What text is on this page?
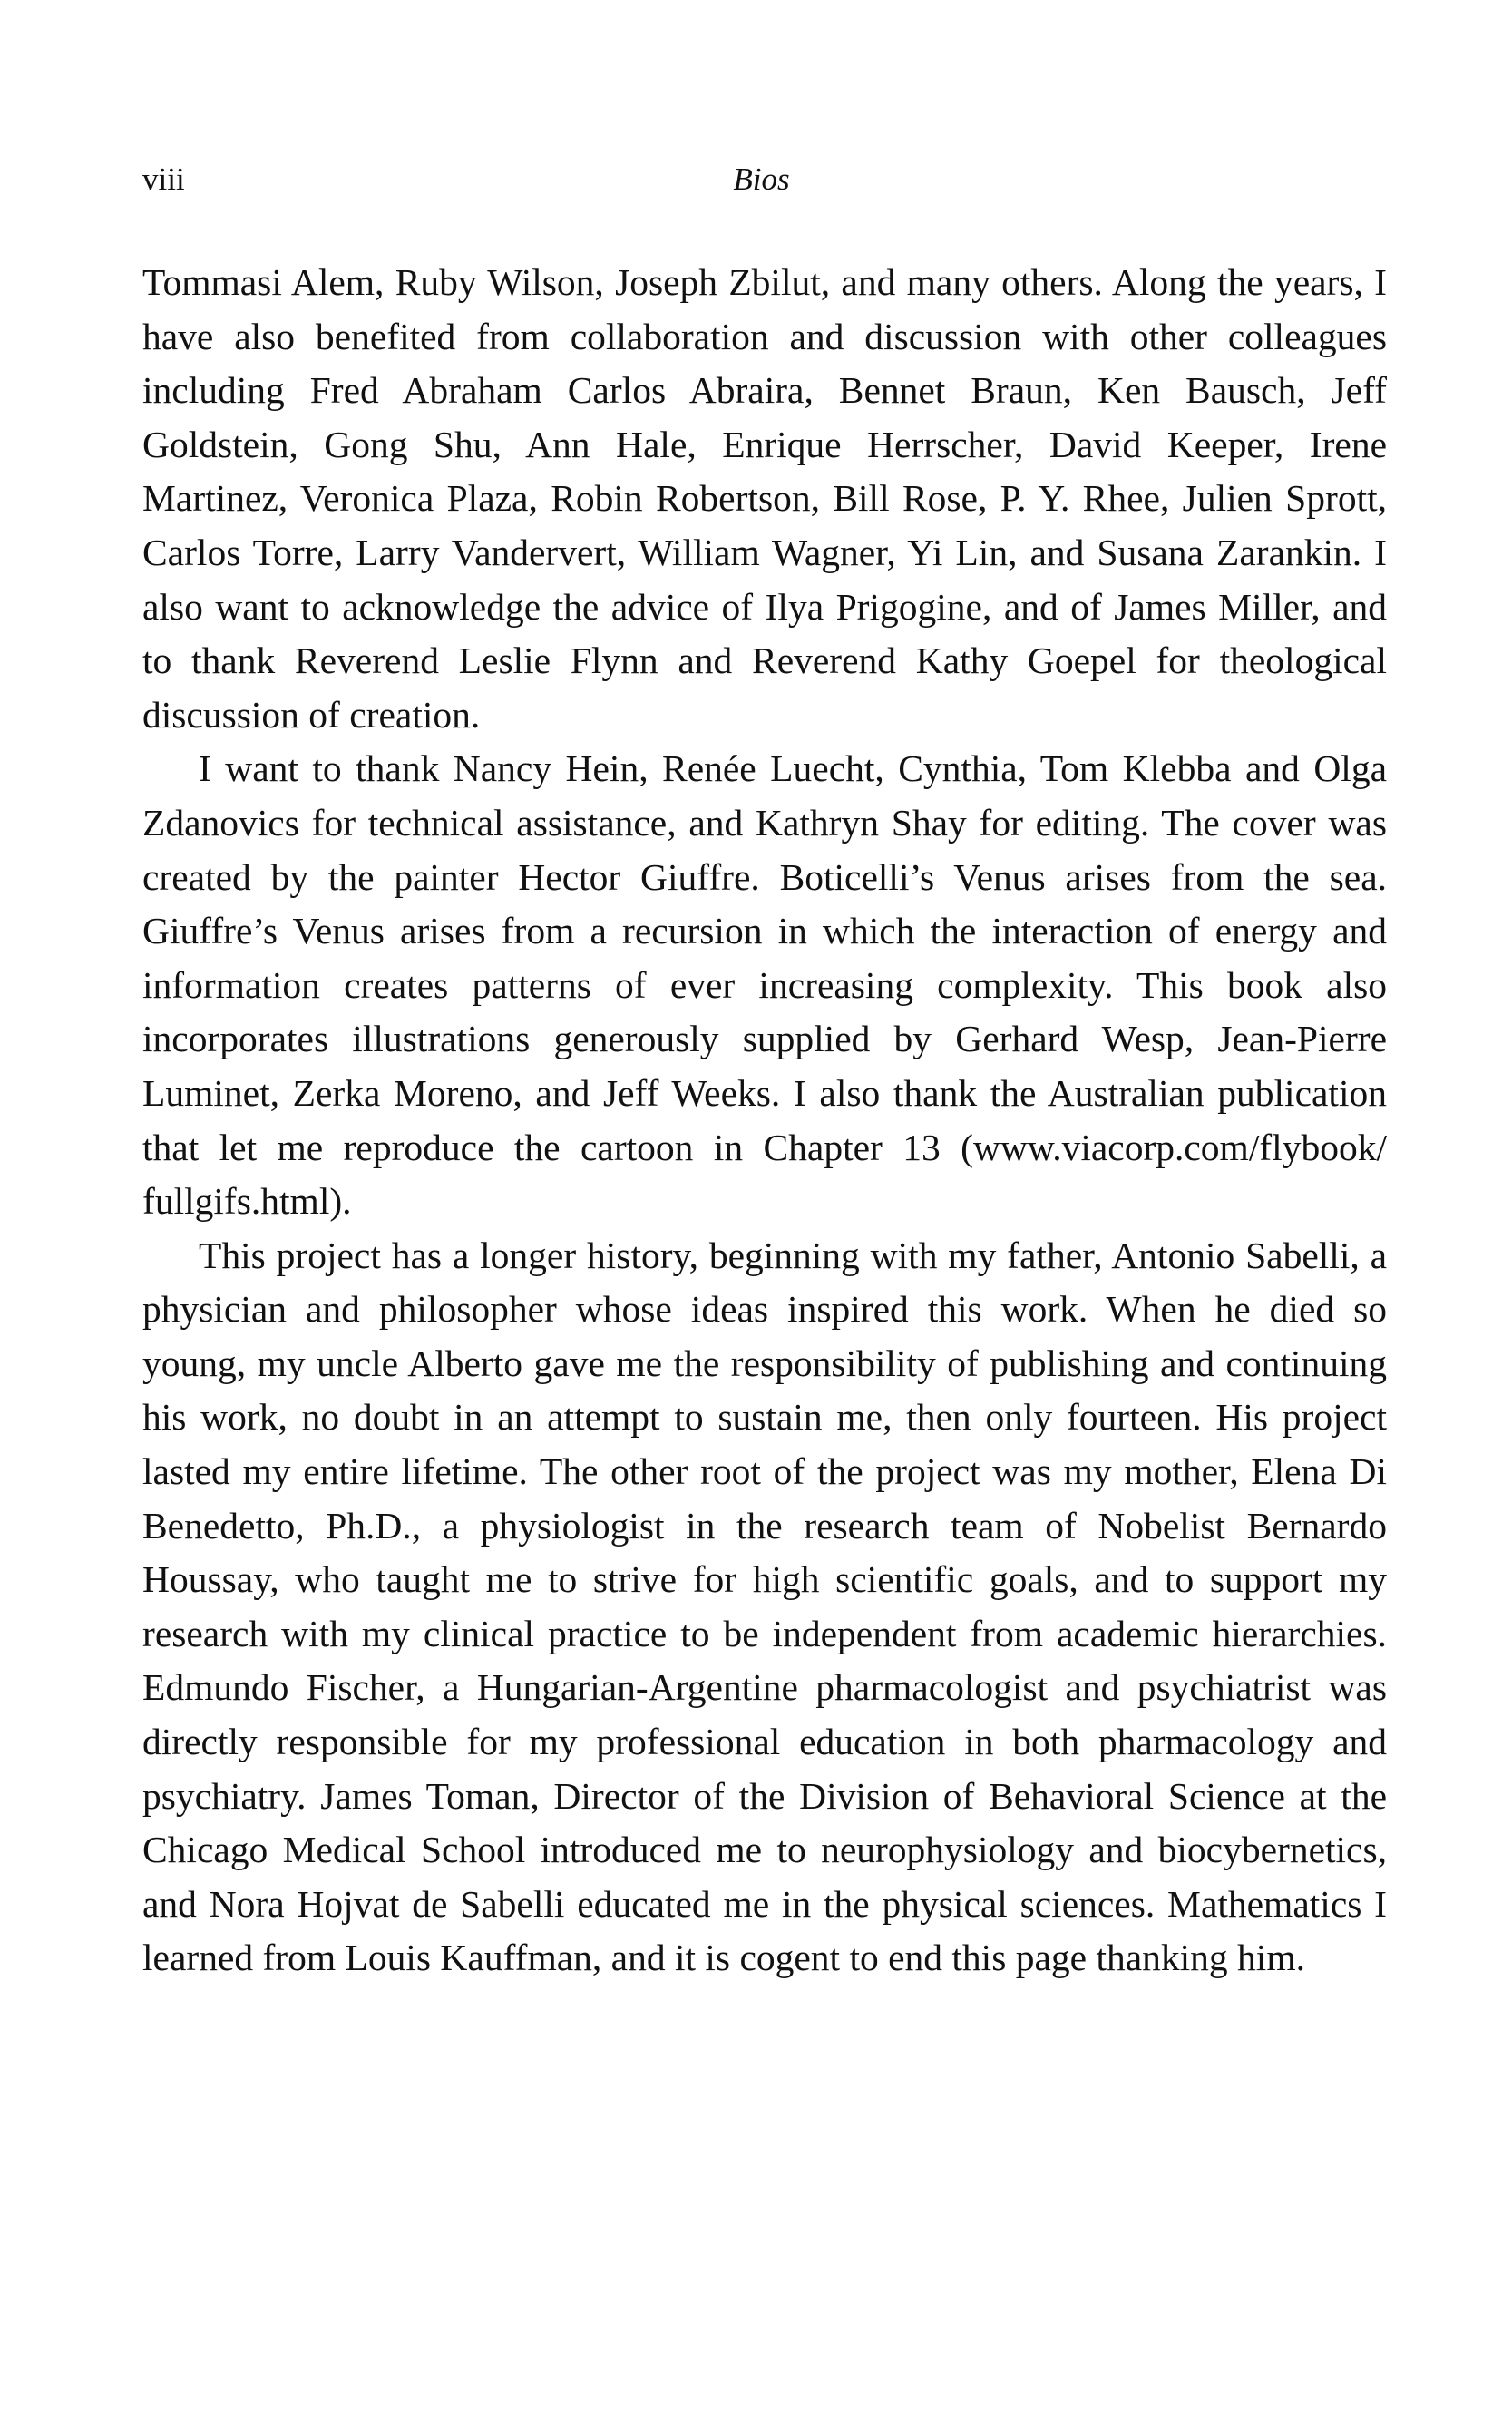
viii	Bios

Tommasi Alem, Ruby Wilson, Joseph Zbilut, and many others. Along the years, I have also benefited from collaboration and discussion with other colleagues including Fred Abraham Carlos Abraira, Bennet Braun, Ken Bausch, Jeff Goldstein, Gong Shu, Ann Hale, Enrique Herrscher, David Keeper, Irene Martinez, Veronica Plaza, Robin Robertson, Bill Rose, P. Y. Rhee, Julien Sprott, Carlos Torre, Larry Vandervert, William Wagner, Yi Lin, and Susana Zarankin. I also want to acknowledge the advice of Ilya Prigogine, and of James Miller, and to thank Reverend Leslie Flynn and Reverend Kathy Goepel for theological discussion of creation.

I want to thank Nancy Hein, Renée Luecht, Cynthia, Tom Klebba and Olga Zdanovics for technical assistance, and Kathryn Shay for editing. The cover was created by the painter Hector Giuffre. Boticelli’s Venus arises from the sea. Giuffre’s Venus arises from a recursion in which the interaction of energy and information creates patterns of ever increasing complexity. This book also incorporates illustrations generously supplied by Gerhard Wesp, Jean-Pierre Luminet, Zerka Moreno, and Jeff Weeks. I also thank the Australian publication that let me reproduce the cartoon in Chapter 13 (www.viacorp.com/flybook/ fullgifs.html).

This project has a longer history, beginning with my father, Antonio Sabelli, a physician and philosopher whose ideas inspired this work. When he died so young, my uncle Alberto gave me the responsibility of publishing and continuing his work, no doubt in an attempt to sustain me, then only fourteen. His project lasted my entire lifetime. The other root of the project was my mother, Elena Di Benedetto, Ph.D., a physiologist in the research team of Nobelist Bernardo Houssay, who taught me to strive for high scientific goals, and to support my research with my clinical practice to be independent from academic hierarchies. Edmundo Fischer, a Hungarian-Argentine pharmacologist and psychiatrist was directly responsible for my professional education in both pharmacology and psychiatry. James Toman, Director of the Division of Behavioral Science at the Chicago Medical School introduced me to neurophysiology and biocybernetics, and Nora Hojvat de Sabelli educated me in the physical sciences. Mathematics I learned from Louis Kauffman, and it is cogent to end this page thanking him.
